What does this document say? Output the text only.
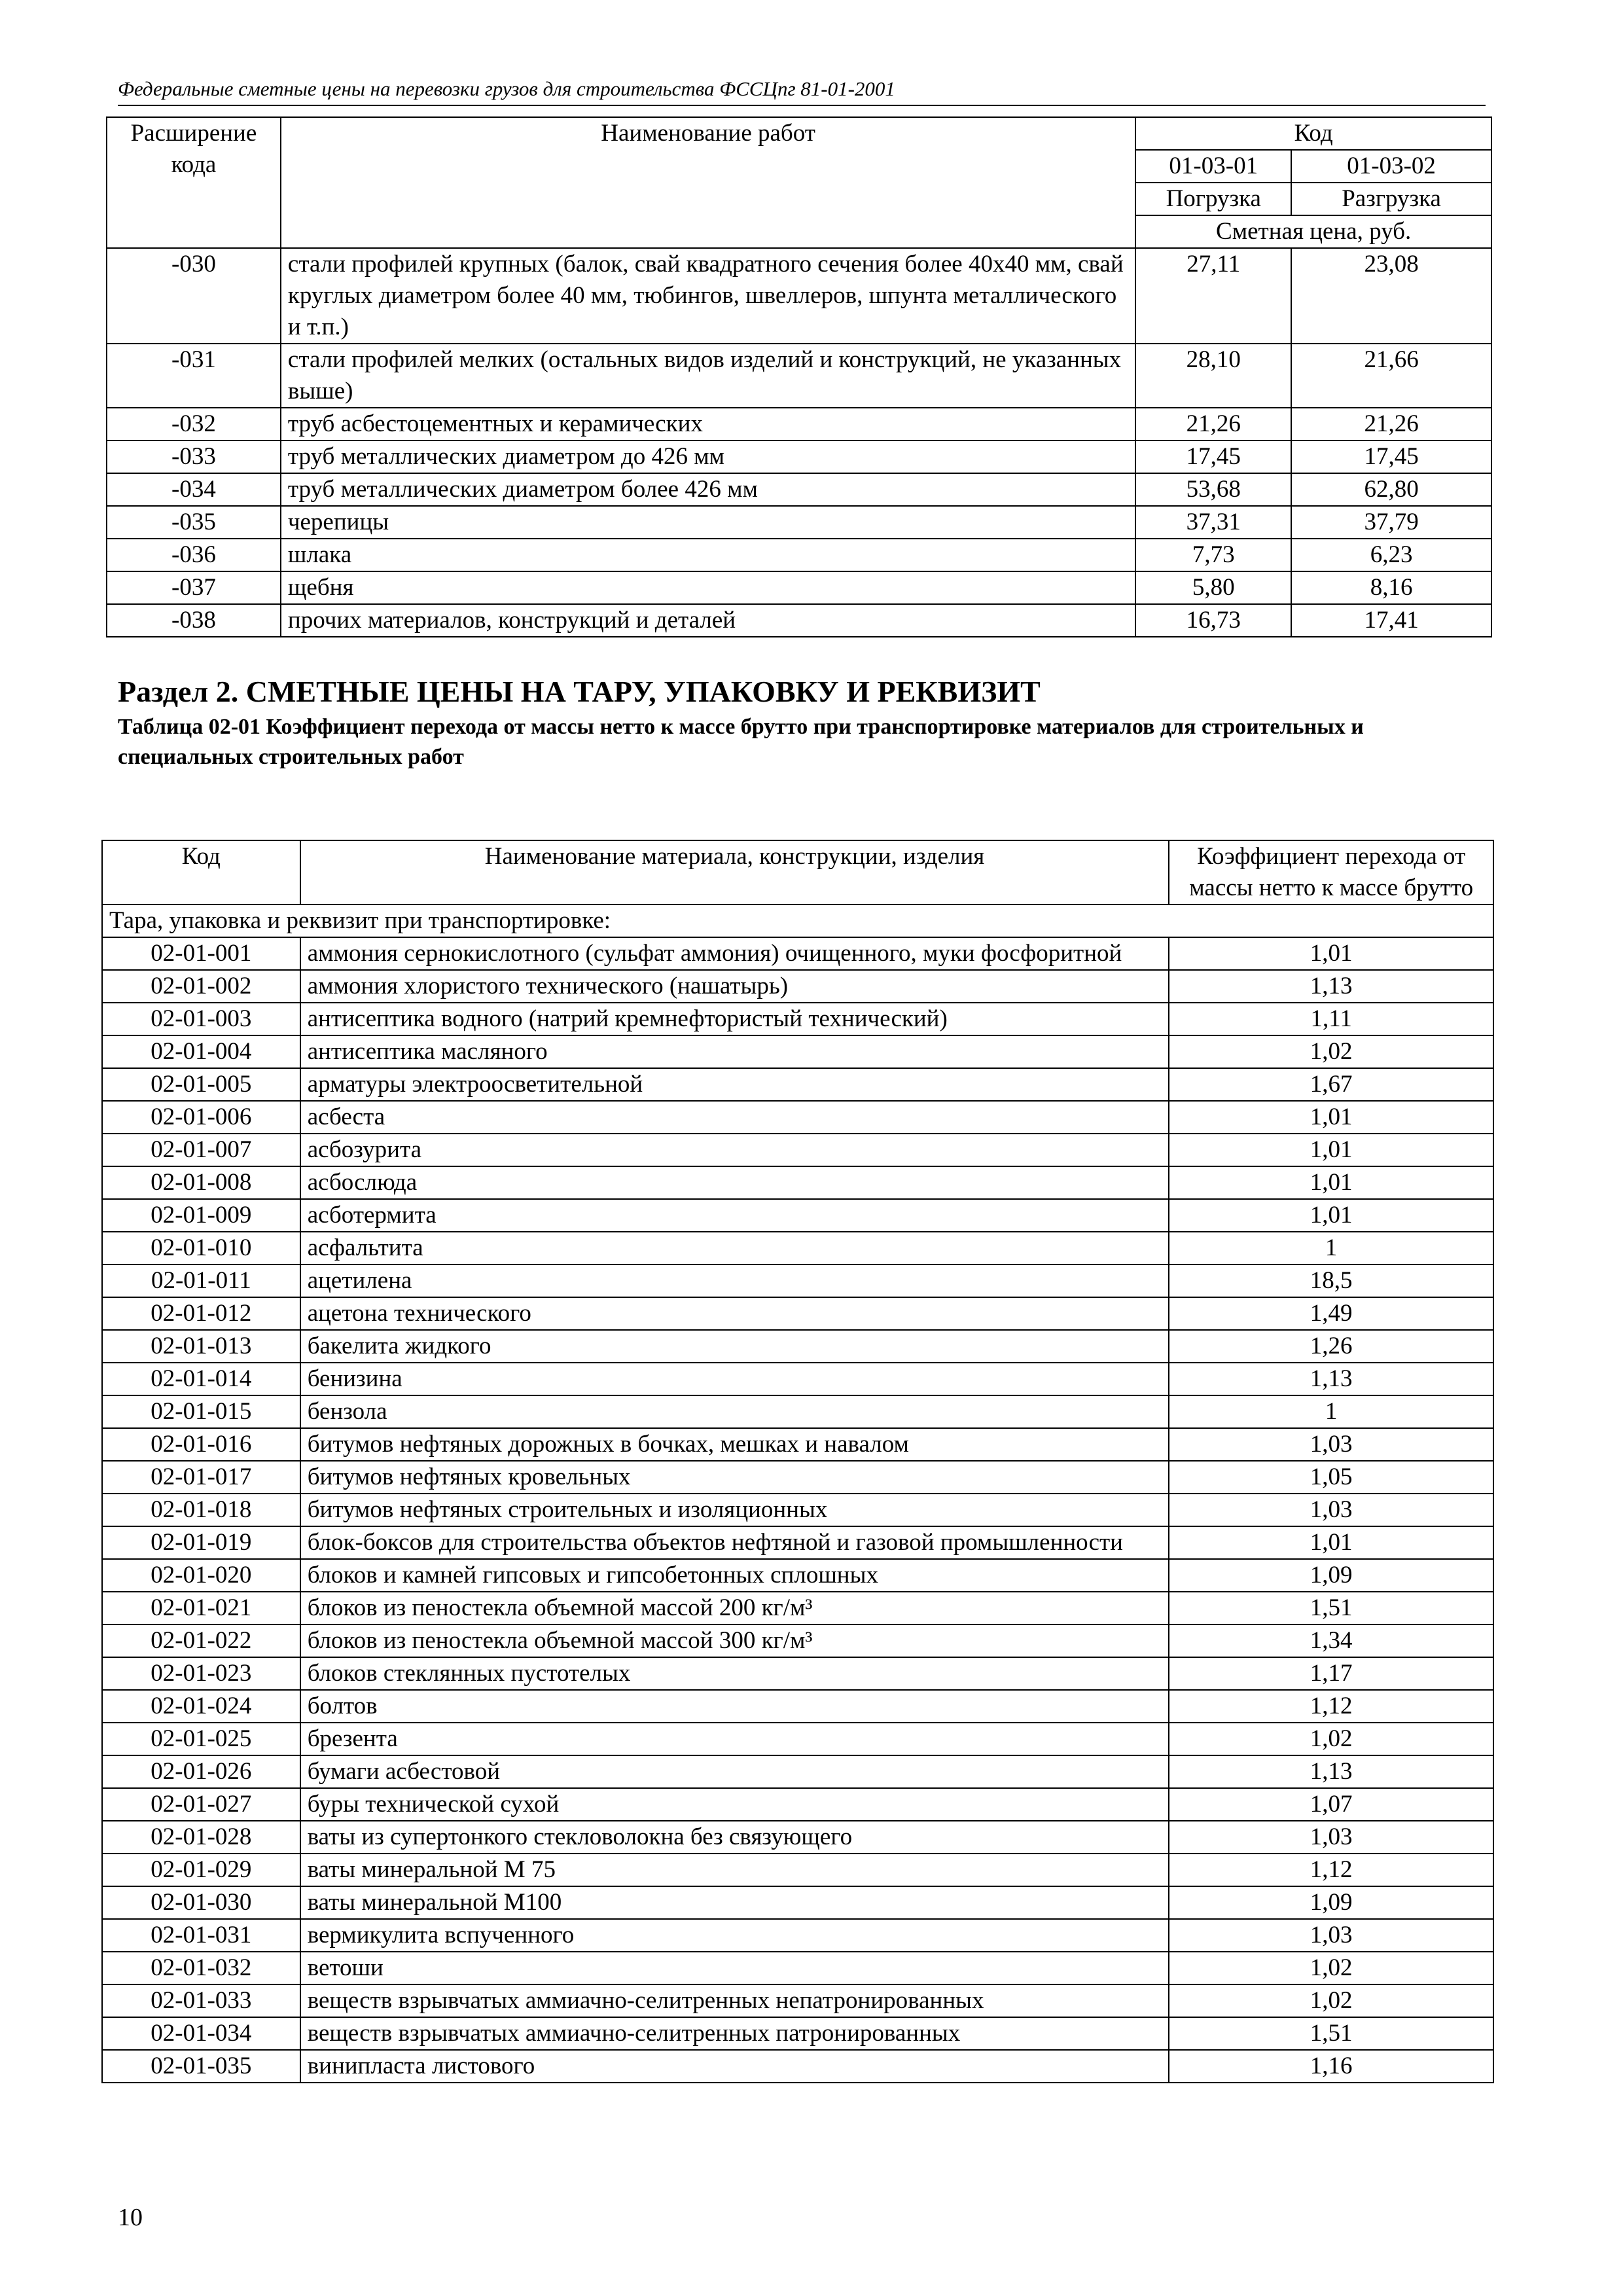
Федеральные сметные цены на перевозки грузов для строительства ФССЦпг 81-01-2001
Расширение кода	Наименование работ	Код	
		01-03-01	01-03-02
		Погрузка	Разгрузка
		Сметная цена, руб.	
-030	стали профилей крупных (балок, свай квадратного сечения более 40х40 мм, свай круглых диаметром более 40 мм, тюбингов, швеллеров, шпунта металлического и т.п.)	27,11	23,08
-031	стали профилей мелких (остальных видов изделий и конструкций, не указанных выше)	28,10	21,66
-032	труб асбестоцементных и керамических	21,26	21,26
-033	труб металлических диаметром до 426 мм	17,45	17,45
-034	труб металлических диаметром более 426 мм	53,68	62,80
-035	черепицы	37,31	37,79
-036	шлака	7,73	6,23
-037	щебня	5,80	8,16
-038	прочих материалов, конструкций и деталей	16,73	17,41
Раздел 2. СМЕТНЫЕ ЦЕНЫ НА ТАРУ, УПАКОВКУ И РЕКВИЗИТ
Таблица 02-01 Коэффициент перехода от массы нетто к массе брутто при транспортировке материалов для строительных и специальных строительных работ
Код	Наименование материала, конструкции, изделия	Коэффициент перехода от массы нетто к массе брутто
Тара, упаковка и реквизит при транспортировке:		
02-01-001	аммония сернокислотного (сульфат аммония) очищенного, муки фосфоритной	1,01
02-01-002	аммония хлористого технического (нашатырь)	1,13
02-01-003	антисептика водного (натрий кремнефтористый технический)	1,11
02-01-004	антисептика масляного	1,02
02-01-005	арматуры электроосветительной	1,67
02-01-006	асбеста	1,01
02-01-007	асбозурита	1,01
02-01-008	асбослюда	1,01
02-01-009	асботермита	1,01
02-01-010	асфальтита	1
02-01-011	ацетилена	18,5
02-01-012	ацетона технического	1,49
02-01-013	бакелита жидкого	1,26
02-01-014	бенизина	1,13
02-01-015	бензола	1
02-01-016	битумов нефтяных дорожных в бочках, мешках и навалом	1,03
02-01-017	битумов нефтяных кровельных	1,05
02-01-018	битумов нефтяных строительных и изоляционных	1,03
02-01-019	блок-боксов для строительства объектов нефтяной и газовой промышленности	1,01
02-01-020	блоков и камней гипсовых и гипсобетонных сплошных	1,09
02-01-021	блоков из пеностекла объемной массой 200 кг/м³	1,51
02-01-022	блоков из пеностекла объемной массой 300 кг/м³	1,34
02-01-023	блоков стеклянных пустотелых	1,17
02-01-024	болтов	1,12
02-01-025	брезента	1,02
02-01-026	бумаги асбестовой	1,13
02-01-027	буры технической сухой	1,07
02-01-028	ваты из супертонкого стекловолокна без связующего	1,03
02-01-029	ваты минеральной М 75	1,12
02-01-030	ваты минеральной М100	1,09
02-01-031	вермикулита вспученного	1,03
02-01-032	ветоши	1,02
02-01-033	веществ взрывчатых аммиачно-селитренных непатронированных	1,02
02-01-034	веществ взрывчатых аммиачно-селитренных патронированных	1,51
02-01-035	винипласта листового	1,16
10
